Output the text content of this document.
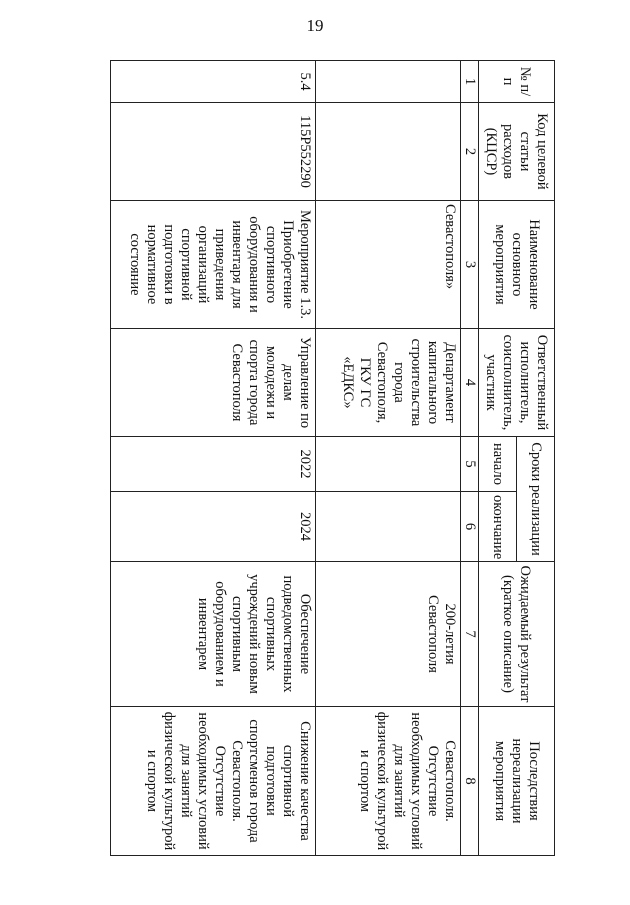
19
№ п/п	Код целевой статьи расходов (КЦСР)	Наименование основного мероприятия	Ответственный исполнитель, соисполнитель, участник	Сроки реализации		Ожидаемый результат (краткое описание)	Последствия нереализации мероприятия
				начало	окончание		
1	2	3	4	5	6	7	8
		Севастополя»	Департамент капитального строительства города Севастополя, ГКУ ГС «ЕДКС»			200-летия Севастополя	Севастополя. Отсутствие необходимых условий для занятий физической культурой и спортом
5.4	115Р552290	Мероприятие 1.3. Приобретение спортивного оборудования и инвентаря для приведения организаций спортивной подготовки в нормативное состояние	Управление по делам молодежи и спорта города Севастополя	2022	2024	Обеспечение подведомственных спортивных учреждений новым спортивным оборудованием и инвентарем	Снижение качества спортивной подготовки спортсменов города Севастополя. Отсутствие необходимых условий для занятий физической культурой и спортом
